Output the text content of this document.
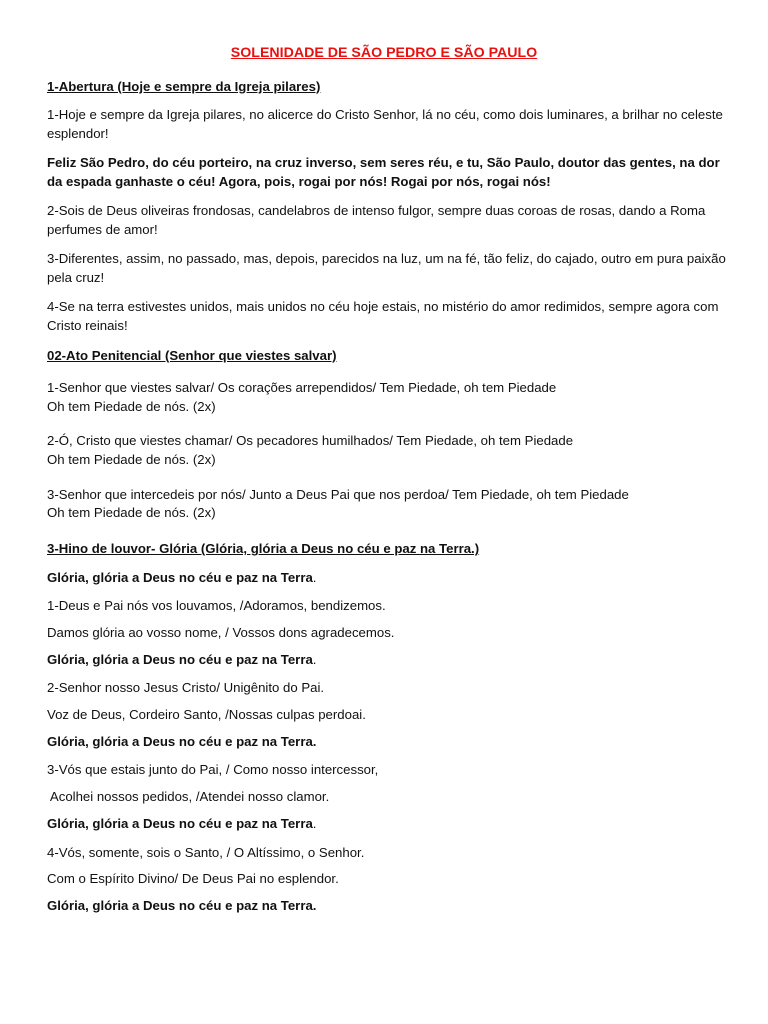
SOLENIDADE DE SÃO PEDRO E SÃO PAULO

1-Abertura (Hoje e sempre da Igreja pilares)

1-Hoje e sempre da Igreja pilares, no alicerce do Cristo Senhor, lá no céu, como dois luminares, a brilhar no celeste esplendor!

Feliz São Pedro, do céu porteiro, na cruz inverso, sem seres réu, e tu, São Paulo, doutor das gentes, na dor da espada ganhaste o céu! Agora, pois, rogai por nós! Rogai por nós, rogai nós!

2-Sois de Deus oliveiras frondosas, candelabros de intenso fulgor, sempre duas coroas de rosas, dando a Roma perfumes de amor!

3-Diferentes, assim, no passado, mas, depois, parecidos na luz, um na fé, tão feliz, do cajado, outro em pura paixão pela cruz!

4-Se na terra estivestes unidos, mais unidos no céu hoje estais, no mistério do amor redimidos, sempre agora com Cristo reinais!

02-Ato Penitencial (Senhor que viestes salvar)

1-Senhor que viestes salvar/ Os corações arrependidos/ Tem Piedade, oh tem Piedade

Oh tem Piedade de nós. (2x)

2-Ó, Cristo que viestes chamar/ Os pecadores humilhados/ Tem Piedade, oh tem Piedade

Oh tem Piedade de nós. (2x)

3-Senhor que intercedeis por nós/ Junto a Deus Pai que nos perdoa/ Tem Piedade, oh tem Piedade

Oh tem Piedade de nós. (2x)

3-Hino de louvor- Glória (Glória, glória a Deus no céu e paz na Terra.)

Glória, glória a Deus no céu e paz na Terra.

1-Deus e Pai nós vos louvamos, /Adoramos, bendizemos.

Damos glória ao vosso nome, / Vossos dons agradecemos.

Glória, glória a Deus no céu e paz na Terra.

2-Senhor nosso Jesus Cristo/ Unigênito do Pai.

Voz de Deus, Cordeiro Santo, /Nossas culpas perdoai.

Glória, glória a Deus no céu e paz na Terra.

3-Vós que estais junto do Pai, / Como nosso intercessor,

Acolhei nossos pedidos, /Atendei nosso clamor.

Glória, glória a Deus no céu e paz na Terra.

4-Vós, somente, sois o Santo, / O Altíssimo, o Senhor.

Com o Espírito Divino/ De Deus Pai no esplendor.

Glória, glória a Deus no céu e paz na Terra.
